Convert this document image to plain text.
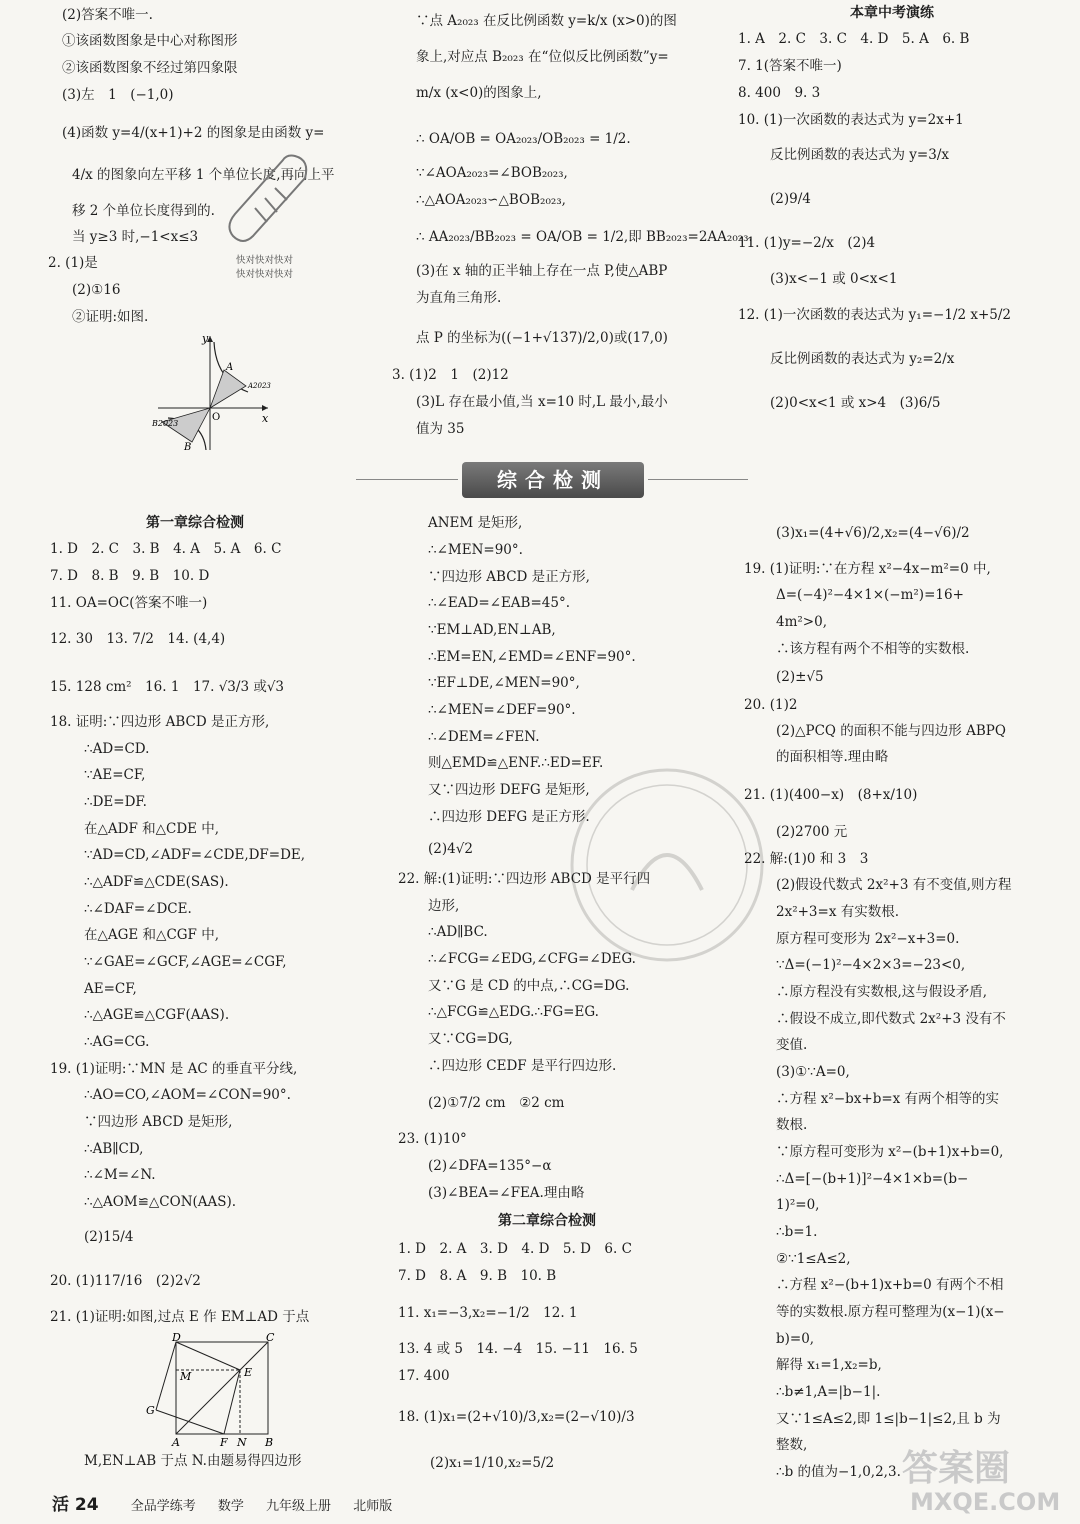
(2)答案不唯一.
①该函数图象是中心对称图形
②该函数图象不经过第四象限
(3)左　1　(−1,0)
(4)函数 y=4/(x+1)+2 的图象是由函数 y=
4/x 的图象向左平移 1 个单位长度,再向上平
移 2 个单位长度得到的.
当 y≥3 时,−1<x≤3
2. (1)是
(2)①16
②证明:如图.
快对快对快对
快对快对快对
y
x
O
A
A2023
B2023
B
∵点 A₂₀₂₃ 在反比例函数 y=k/x (x>0)的图
象上,对应点 B₂₀₂₃ 在“位似反比例函数”y=
m/x (x<0)的图象上,
∴ OA/OB = OA₂₀₂₃/OB₂₀₂₃ = 1/2.
∵∠AOA₂₀₂₃=∠BOB₂₀₂₃,
∴△AOA₂₀₂₃∽△BOB₂₀₂₃,
∴ AA₂₀₂₃/BB₂₀₂₃ = OA/OB = 1/2,即 BB₂₀₂₃=2AA₂₀₂₃.
(3)在 x 轴的正半轴上存在一点 P,使△ABP
为直角三角形.
点 P 的坐标为((−1+√137)/2,0)或(17,0)
3. (1)2　1　(2)12
(3)L 存在最小值,当 x=10 时,L 最小,最小
值为 35
本章中考演练
1. A　2. C　3. C　4. D　5. A　6. B
7. 1(答案不唯一)
8. 400　9. 3
10. (1)一次函数的表达式为 y=2x+1
反比例函数的表达式为 y=3/x
(2)9/4
11. (1)y=−2/x　(2)4
(3)x<−1 或 0<x<1
12. (1)一次函数的表达式为 y₁=−1/2 x+5/2
反比例函数的表达式为 y₂=2/x
(2)0<x<1 或 x>4　(3)6/5
综合检测
第一章综合检测
1. D　2. C　3. B　4. A　5. A　6. C
7. D　8. B　9. B　10. D
11. OA=OC(答案不唯一)
12. 30　13. 7/2　14. (4,4)
15. 128 cm²　16. 1　17. √3/3 或√3
18. 证明:∵四边形 ABCD 是正方形,
∴AD=CD.
∵AE=CF,
∴DE=DF.
在△ADF 和△CDE 中,
∵AD=CD,∠ADF=∠CDE,DF=DE,
∴△ADF≌△CDE(SAS).
∴∠DAF=∠DCE.
在△AGE 和△CGF 中,
∵∠GAE=∠GCF,∠AGE=∠CGF,
AE=CF,
∴△AGE≌△CGF(AAS).
∴AG=CG.
19. (1)证明:∵MN 是 AC 的垂直平分线,
∴AO=CO,∠AOM=∠CON=90°.
∵四边形 ABCD 是矩形,
∴AB∥CD,
∴∠M=∠N.
∴△AOM≌△CON(AAS).
(2)15/4
20. (1)117/16　(2)2√2
21. (1)证明:如图,过点 E 作 EM⊥AD 于点
M,EN⊥AB 于点 N.由题易得四边形
D	C
M	E
G
A	F N B
ANEM 是矩形,
∴∠MEN=90°.
∵四边形 ABCD 是正方形,
∴∠EAD=∠EAB=45°.
∵EM⊥AD,EN⊥AB,
∴EM=EN,∠EMD=∠ENF=90°.
∵EF⊥DE,∠MEN=90°,
∴∠MEN=∠DEF=90°.
∴∠DEM=∠FEN.
则△EMD≌△ENF.∴ED=EF.
又∵四边形 DEFG 是矩形,
∴四边形 DEFG 是正方形.
(2)4√2
22. 解:(1)证明:∵四边形 ABCD 是平行四
边形,
∴AD∥BC.
∴∠FCG=∠EDG,∠CFG=∠DEG.
又∵G 是 CD 的中点,∴CG=DG.
∴△FCG≌△EDG.∴FG=EG.
又∵CG=DG,
∴四边形 CEDF 是平行四边形.
(2)①7/2 cm　②2 cm
23. (1)10°
(2)∠DFA=135°−α
(3)∠BEA=∠FEA.理由略
第二章综合检测
1. D　2. A　3. D　4. D　5. D　6. C
7. D　8. A　9. B　10. B
11. x₁=−3,x₂=−1/2　12. 1
13. 4 或 5　14. −4　15. −11　16. 5
17. 400
18. (1)x₁=(2+√10)/3,x₂=(2−√10)/3
(2)x₁=1/10,x₂=5/2
(3)x₁=(4+√6)/2,x₂=(4−√6)/2
19. (1)证明:∵在方程 x²−4x−m²=0 中,
Δ=(−4)²−4×1×(−m²)=16+
4m²>0,
∴该方程有两个不相等的实数根.
(2)±√5
20. (1)2
(2)△PCQ 的面积不能与四边形 ABPQ
的面积相等.理由略
21. (1)(400−x)　(8+x/10)
(2)2700 元
22. 解:(1)0 和 3　3
(2)假设代数式 2x²+3 有不变值,则方程
2x²+3=x 有实数根.
原方程可变形为 2x²−x+3=0.
∵Δ=(−1)²−4×2×3=−23<0,
∴原方程没有实数根,这与假设矛盾,
∴假设不成立,即代数式 2x²+3 没有不
变值.
(3)①∵A=0,
∴方程 x²−bx+b=x 有两个相等的实
数根.
∵原方程可变形为 x²−(b+1)x+b=0,
∴Δ=[−(b+1)]²−4×1×b=(b−
1)²=0,
∴b=1.
②∵1≤A≤2,
∴方程 x²−(b+1)x+b=0 有两个不相
等的实数根.原方程可整理为(x−1)(x−
b)=0,
解得 x₁=1,x₂=b,
∴b≠1,A=|b−1|.
又∵1≤A≤2,即 1≤|b−1|≤2,且 b 为
整数,
∴b 的值为−1,0,2,3.
活 24 全品学练考 数学 九年级上册 北师版
答案圈
MXQE.COM
